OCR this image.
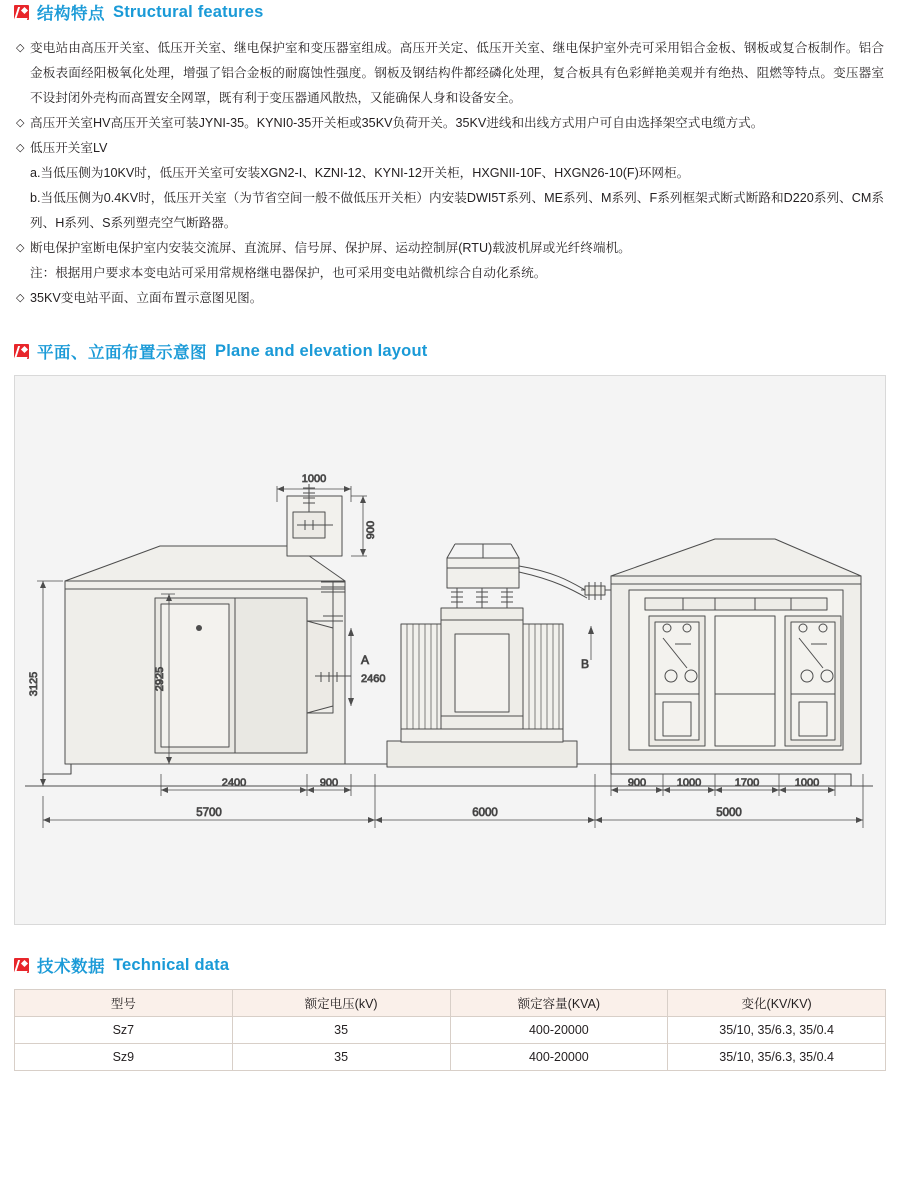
结构特点 Structural features
◇ 变电站由高压开关室、低压开关室、继电保护室和变压器室组成。高压开关定、低压开关室、继电保护室外壳可采用铝合金板、钢板或复合板制作。铝合金板表面经阳极氧化处理，增强了铝合金板的耐腐蚀性强度。钢板及钢结构件都经磷化处理，复合板具有色彩鲜艳美观并有绝热、阻燃等特点。变压器室不设封闭外壳构而高置安全网罩，既有利于变压器通风散热，又能确保人身和设备安全。
◇ 高压开关室HV高压开关室可装JYNI-35。KYNI0-35开关柜或35KV负荷开关。35KV进线和出线方式用户可自由选择架空式电缆方式。
◇ 低压开关室LV
a.当低压侧为10KV时，低压开关室可安装XGN2-I、KZNI-12、KYNI-12开关柜，HXGNII-10F、HXGN26-10(F)环网柜。
b.当低压侧为0.4KV时，低压开关室（为节省空间一般不做低压开关柜）内安装DWI5T系列、ME系列、M系列、F系列框架式断式断路和D220系列、CM系列、H系列、S系列塑壳空气断路器。
◇ 断电保护室断电保护室内安装交流屏、直流屏、信号屏、保护屏、运动控制屏(RTU)载波机屏或光纤终端机。
注：根据用户要求本变电站可采用常规格继电器保护，也可采用变电站微机综合自动化系统。
◇ 35KV变电站平面、立面布置示意图见图。
平面、立面布置示意图 Plane and elevation layout
1000
900
3125	2925
A
2460
B
2400	900	900	1000	1700	1000
5700	6000	5000
技术数据 Technical data
型号	额定电压(kV)	额定容量(KVA)	变化(KV/KV)
Sz7	35	400-20000	35/10, 35/6.3, 35/0.4
Sz9	35	400-20000	35/10, 35/6.3, 35/0.4
